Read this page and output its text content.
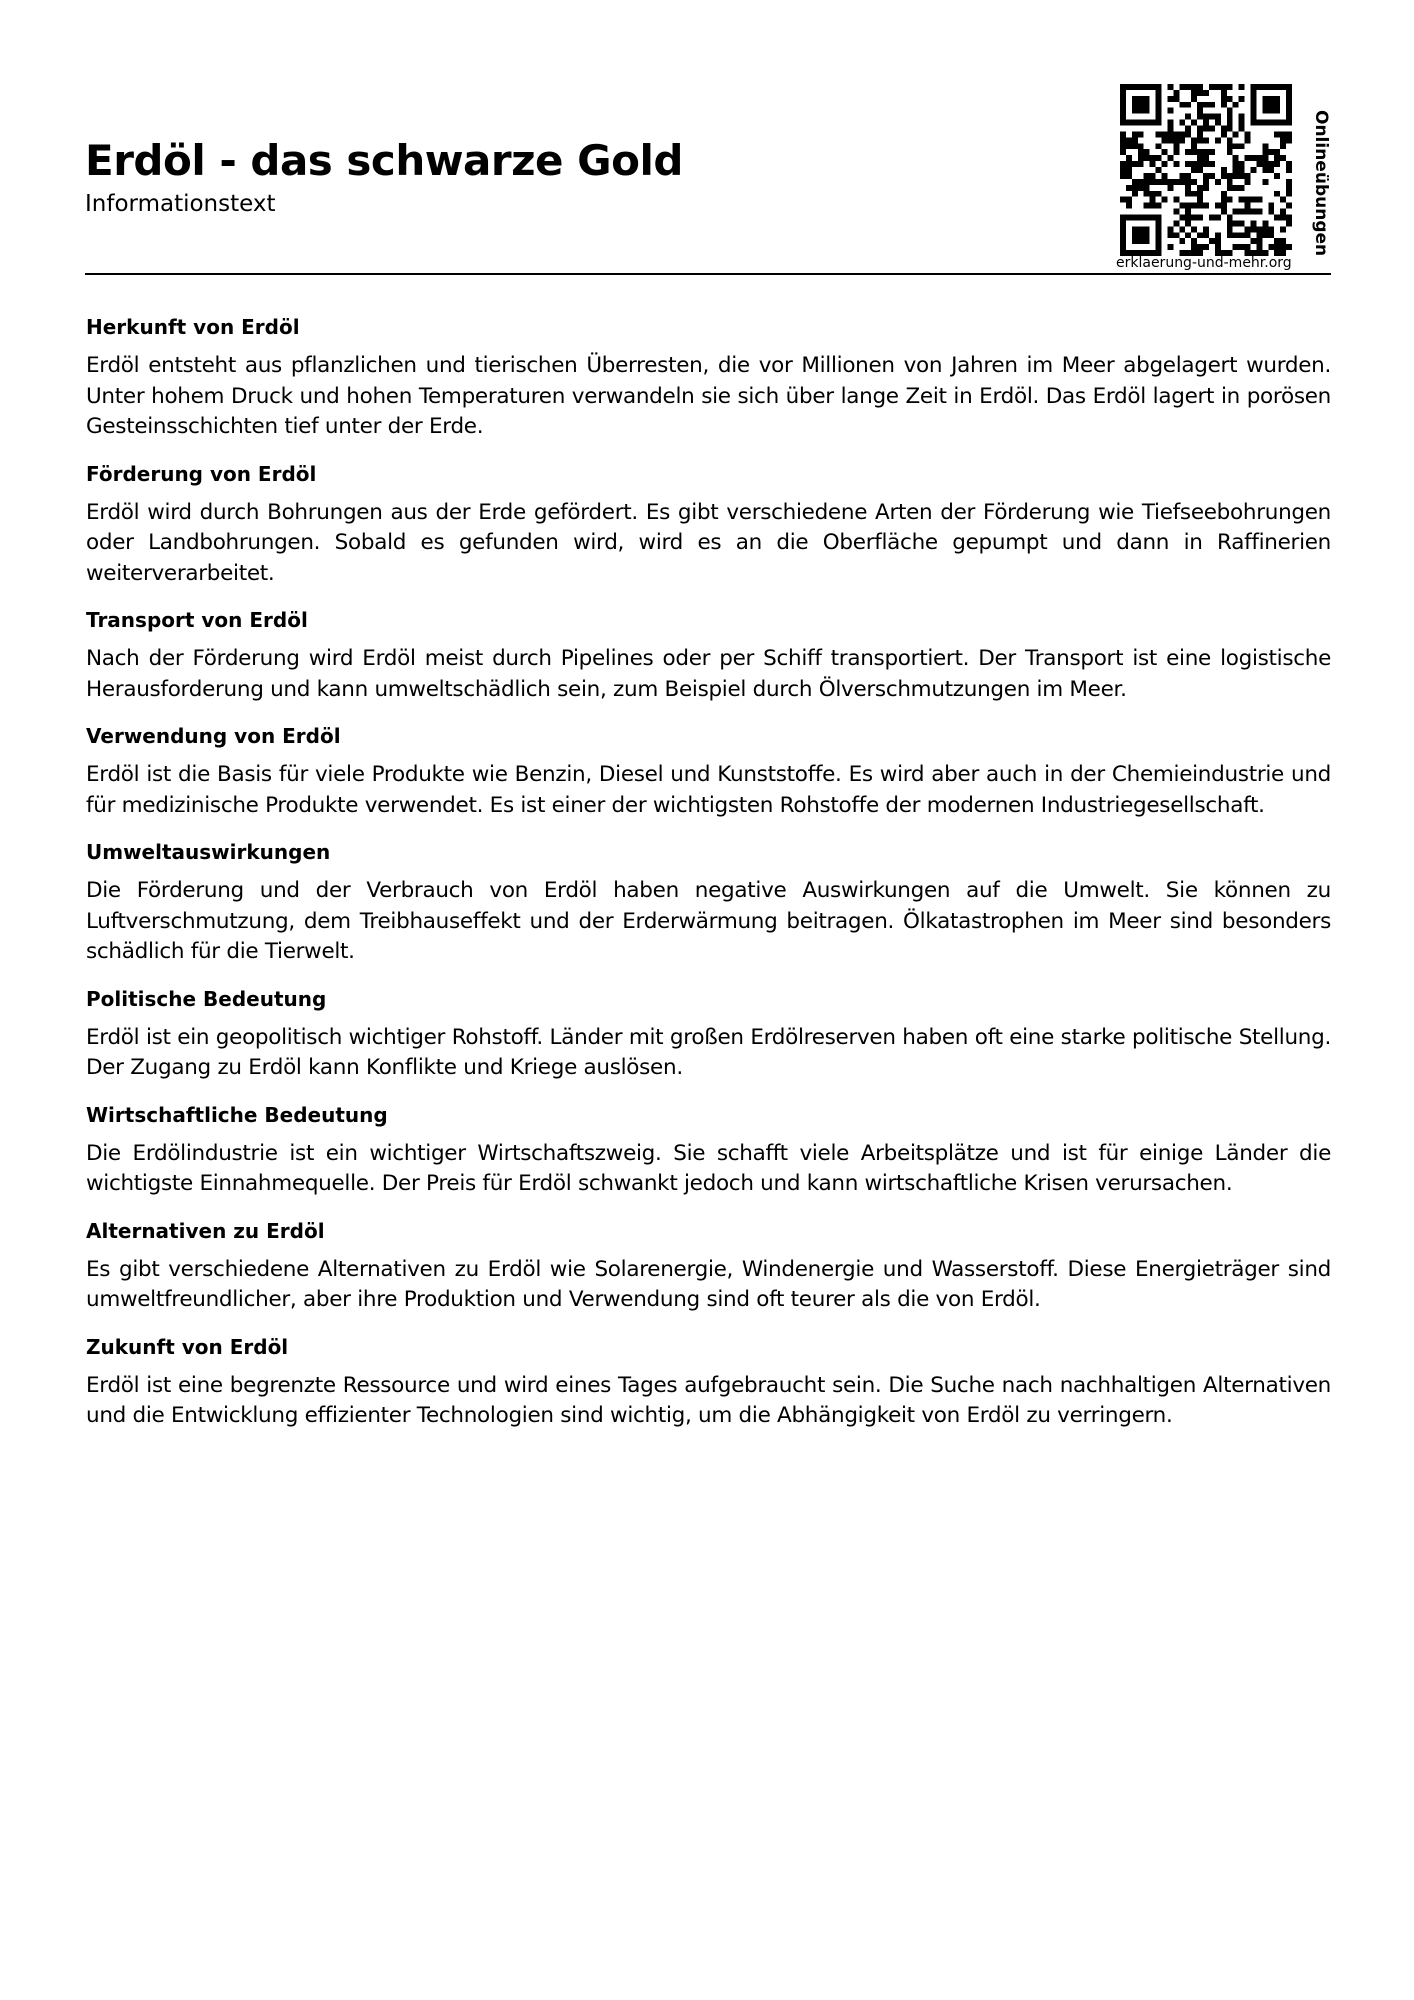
Erdöl - das schwarze Gold

Informationstext	Onlineübungen
erklaerung-und-mehr.org
Herkunft von Erdöl

Erdöl entsteht aus pflanzlichen und tierischen Überresten, die vor Millionen von Jahren im Meer abgelagert wurden. Unter hohem Druck und hohen Temperaturen verwandeln sie sich über lange Zeit in Erdöl. Das Erdöl lagert in porösen Gesteinsschichten tief unter der Erde.

Förderung von Erdöl

Erdöl wird durch Bohrungen aus der Erde gefördert. Es gibt verschiedene Arten der Förderung wie Tiefseebohrungen oder Landbohrungen. Sobald es gefunden wird, wird es an die Oberfläche gepumpt und dann in Raffinerien weiterverarbeitet.

Transport von Erdöl

Nach der Förderung wird Erdöl meist durch Pipelines oder per Schiff transportiert. Der Transport ist eine logistische Herausforderung und kann umweltschädlich sein, zum Beispiel durch Ölverschmutzungen im Meer.

Verwendung von Erdöl

Erdöl ist die Basis für viele Produkte wie Benzin, Diesel und Kunststoffe. Es wird aber auch in der Chemieindustrie und für medizinische Produkte verwendet. Es ist einer der wichtigsten Rohstoffe der modernen Industriegesellschaft.

Umweltauswirkungen

Die Förderung und der Verbrauch von Erdöl haben negative Auswirkungen auf die Umwelt. Sie können zu Luftverschmutzung, dem Treibhauseffekt und der Erderwärmung beitragen. Ölkatastrophen im Meer sind besonders schädlich für die Tierwelt.

Politische Bedeutung

Erdöl ist ein geopolitisch wichtiger Rohstoff. Länder mit großen Erdölreserven haben oft eine starke politische Stellung. Der Zugang zu Erdöl kann Konflikte und Kriege auslösen.

Wirtschaftliche Bedeutung

Die Erdölindustrie ist ein wichtiger Wirtschaftszweig. Sie schafft viele Arbeitsplätze und ist für einige Länder die wichtigste Einnahmequelle. Der Preis für Erdöl schwankt jedoch und kann wirtschaftliche Krisen verursachen.

Alternativen zu Erdöl

Es gibt verschiedene Alternativen zu Erdöl wie Solarenergie, Windenergie und Wasserstoff. Diese Energieträger sind umweltfreundlicher, aber ihre Produktion und Verwendung sind oft teurer als die von Erdöl.

Zukunft von Erdöl

Erdöl ist eine begrenzte Ressource und wird eines Tages aufgebraucht sein. Die Suche nach nachhaltigen Alternativen und die Entwicklung effizienter Technologien sind wichtig, um die Abhängigkeit von Erdöl zu verringern.
